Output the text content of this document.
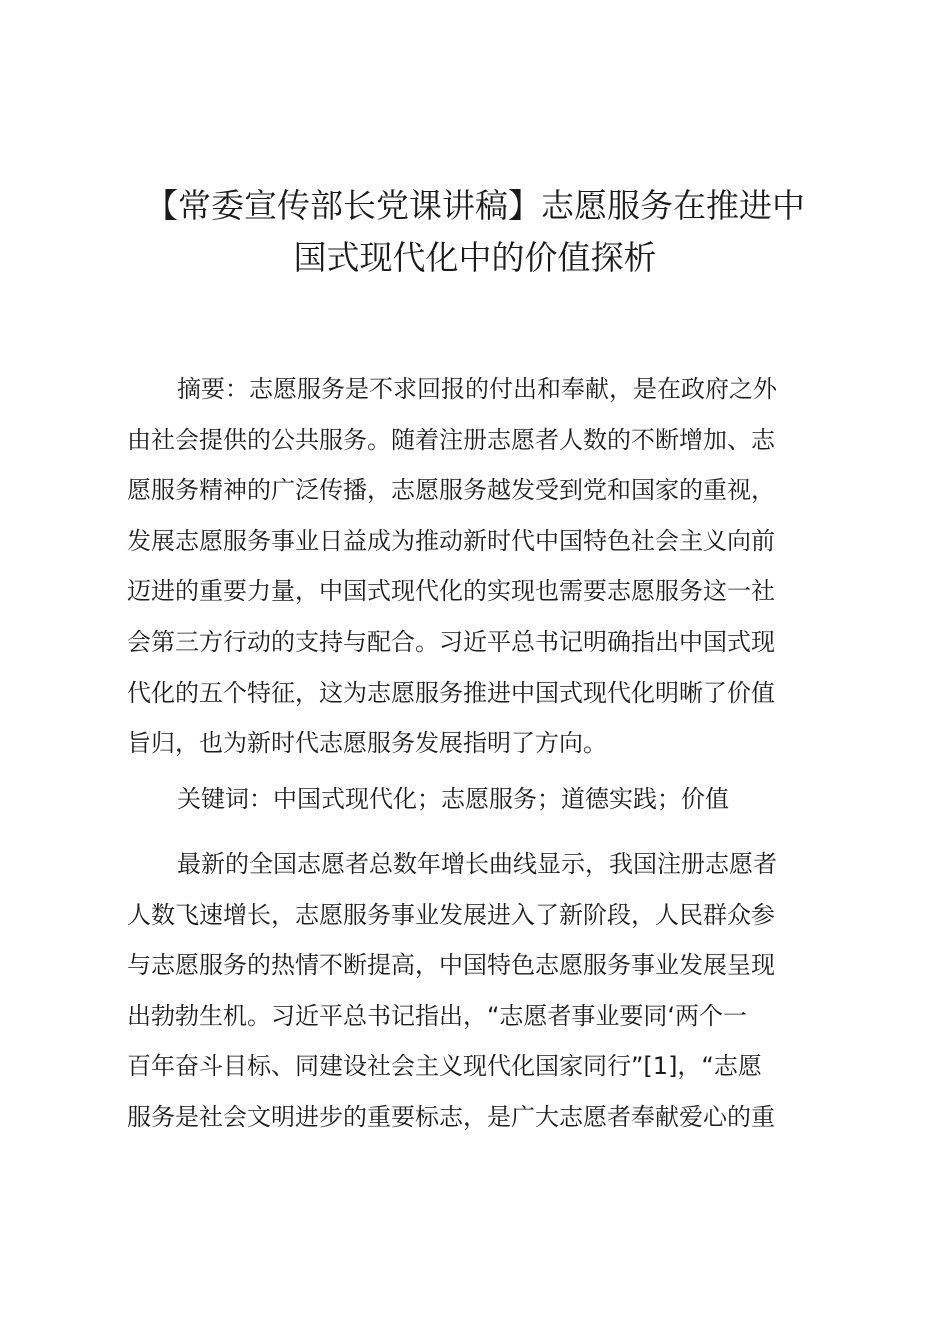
【常委宣传部长党课讲稿】志愿服务在推进中
国式现代化中的价值探析

摘要：志愿服务是不求回报的付出和奉献，是在政府之外
由社会提供的公共服务。随着注册志愿者人数的不断增加、志
愿服务精神的广泛传播，志愿服务越发受到党和国家的重视，
发展志愿服务事业日益成为推动新时代中国特色社会主义向前
迈进的重要力量，中国式现代化的实现也需要志愿服务这一社
会第三方行动的支持与配合。习近平总书记明确指出中国式现
代化的五个特征，这为志愿服务推进中国式现代化明晰了价值
旨归，也为新时代志愿服务发展指明了方向。

关键词：中国式现代化；志愿服务；道德实践；价值

最新的全国志愿者总数年增长曲线显示，我国注册志愿者
人数飞速增长，志愿服务事业发展进入了新阶段，人民群众参
与志愿服务的热情不断提高，中国特色志愿服务事业发展呈现
出勃勃生机。习近平总书记指出，“志愿者事业要同‘两个一
百年奋斗目标、同建设社会主义现代化国家同行”[1]，“志愿
服务是社会文明进步的重要标志，是广大志愿者奉献爱心的重
